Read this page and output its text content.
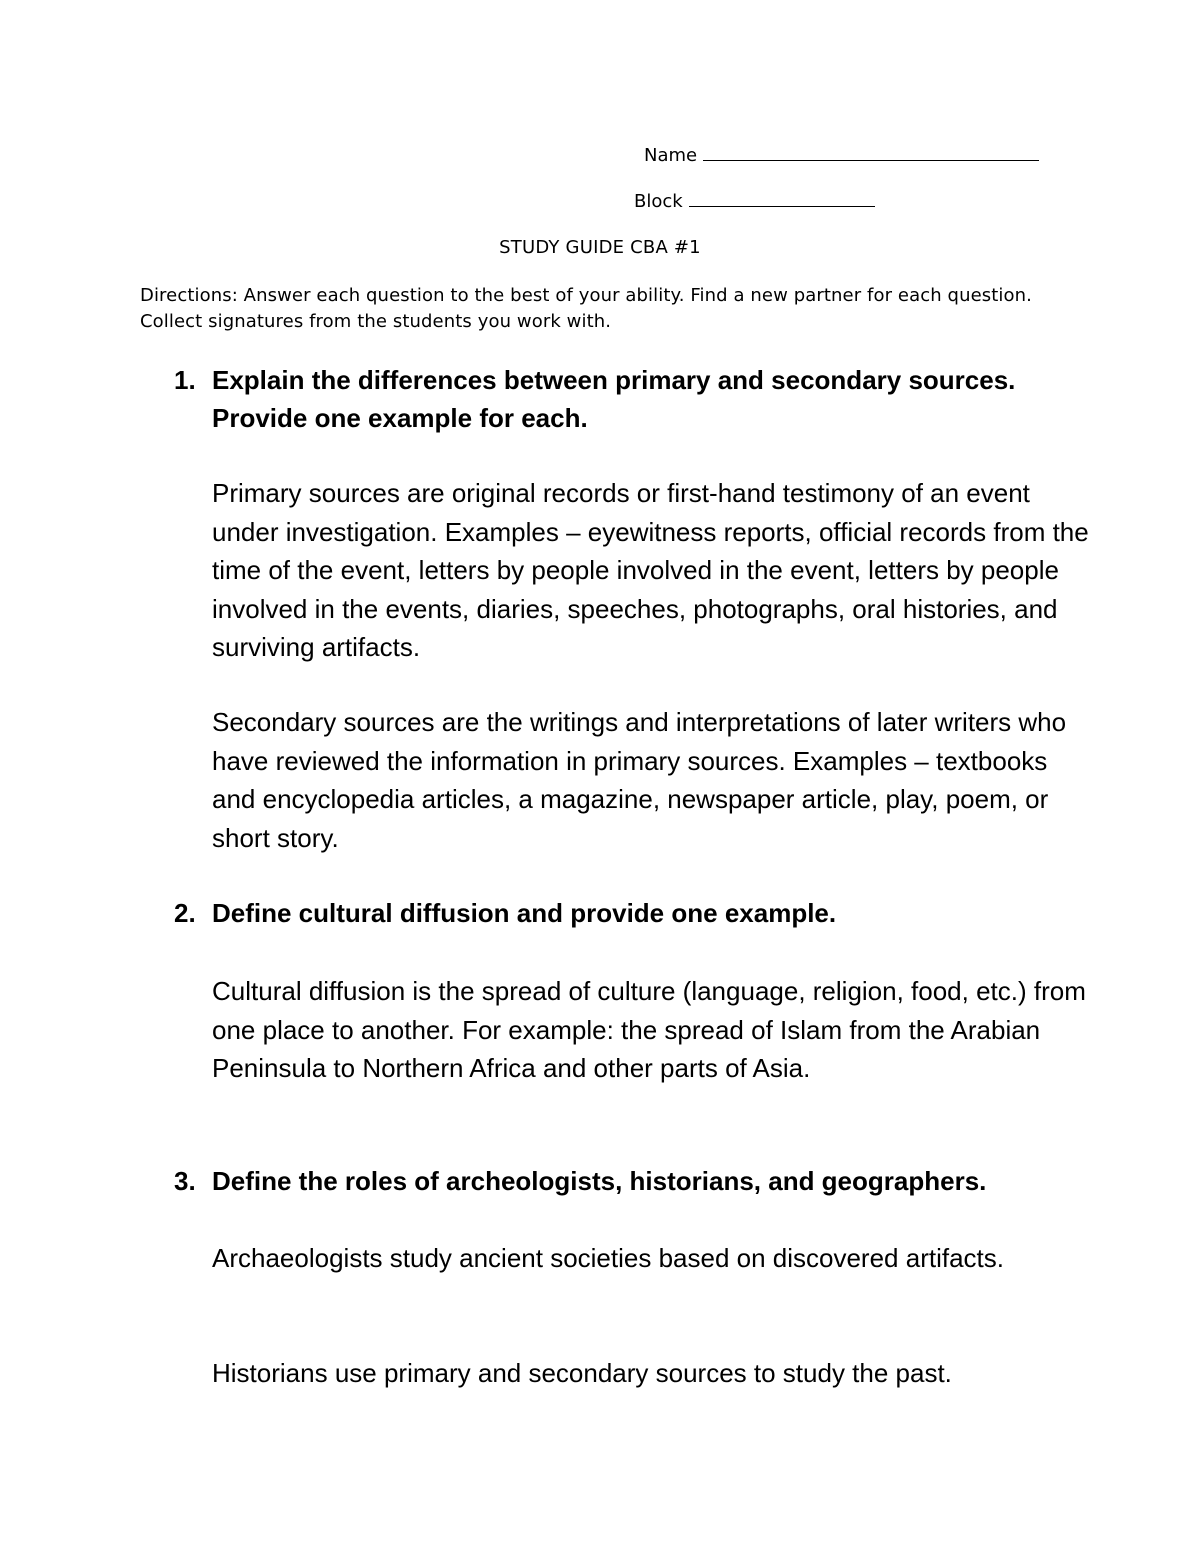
Name
Block
STUDY GUIDE CBA #1
Directions: Answer each question to the best of your ability. Find a new partner for each question. Collect signatures from the students you work with.
1. Explain the differences between primary and secondary sources. Provide one example for each.
Primary sources are original records or first-hand testimony of an event under investigation. Examples – eyewitness reports, official records from the time of the event, letters by people involved in the event, letters by people involved in the events, diaries, speeches, photographs, oral histories, and surviving artifacts.
Secondary sources are the writings and interpretations of later writers who have reviewed the information in primary sources. Examples – textbooks and encyclopedia articles, a magazine, newspaper article, play, poem, or short story.
2. Define cultural diffusion and provide one example.
Cultural diffusion is the spread of culture (language, religion, food, etc.) from one place to another. For example: the spread of Islam from the Arabian Peninsula to Northern Africa and other parts of Asia.
3. Define the roles of archeologists, historians, and geographers.
Archaeologists study ancient societies based on discovered artifacts.
Historians use primary and secondary sources to study the past.
